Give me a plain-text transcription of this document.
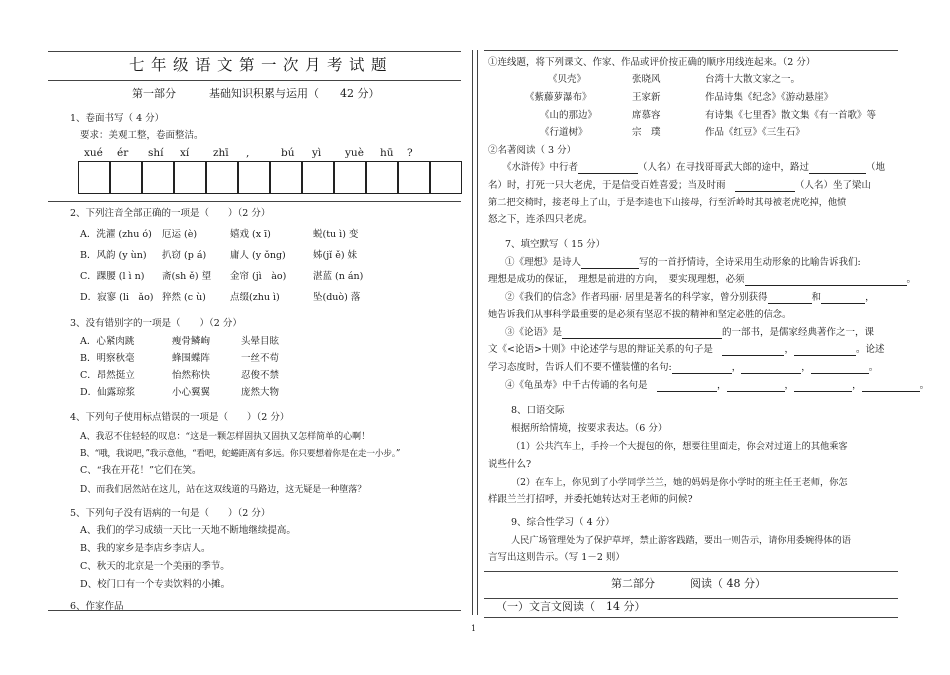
七年级语文第一次月考试题
第一部分	基础知识积累与运用（ 42 分）
1、卷面书写（ 4 分）
要求：美观工整，卷面整洁。
xué ér shí xí zhī ,	bú yì yuè hū ?
2、下列注音全部正确的一项是（　　）（2 分）
A．洗濯 (zhu ó) 厄运 (è)	嬉戏 (x ī)	蜕(tu ì) 变
B．风韵 (y ùn) 扒窃 (p á)	庸人 (y ǒng)	姊(jǐ ě) 妹
C．踝腰 (l ì n) 斋(sh ě) 望 金帘 (jì　ào)	湛蓝 (n án)
D．寂寥 (li　ǎo) 猝然 (c ù)	点缀(zhu ì)	坠(duò) 落
3、没有错别字的一项是（　　）（2 分）
A．心紧肉跳	瘦骨鳞峋	头晕目眩
B．明察秋毫	蜂围蝶阵	一丝不苟
C．昂然挺立	怡然称快	忍俊不禁
D．仙露琼浆	小心翼翼	庞然大物
4、下列句子使用标点错误的一项是（　　）（2 分）
A、我忍不住轻轻的叹息：“这是一颗怎样固执又固执又怎样简单的心啊！
B、“哦，我说吧，”我示意他，“看吧，蛇蜷距离有多远。你只要想着你是在走一小步。”
C、“我在开花！”它们在笑。
D、而我们居然站在这儿，站在这双线道的马路边，这无疑是一种堕落？
5、下列句子没有语病的一句是（　　）（2 分）
A、我们的学习成绩一天比一天地不断地继续提高。
B、我的家乡是李店乡李店人。
C、秋天的北京是一个美丽的季节。
D、校门口有一个专卖饮料的小摊。
6、作家作品
①连线题，将下列课文、作家、作品或评价按正确的顺序用线连起来。（2 分）
《贝壳》	张晓风	台湾十大散文家之一。
《紫藤萝瀑布》	王家新	作品诗集《纪念》《游动悬崖》
《山的那边》	席慕容	有诗集《七里香》散文集《有一首歌》等
《行道树》	宗　璞	作品《红豆》《三生石》
②名著阅读（ 3 分）
《水浒传》中行者	（人名）在寻找哥哥武大郎的途中，路过	（地
名）时，打死一只大老虎，于是信受百姓喜爱；当及时雨　	（人名）坐了梁山
第二把交椅时，接老母上了山，于是李逵也下山接母，行至沂岭时其母被老虎吃掉，他愤
怒之下，连杀四只老虎。
7、填空默写（ 15 分）
①《理想》是诗人	写的一首抒情诗，全诗采用生动形象的比喻告诉我们:
理想是成功的保证，　理想是前进的方向，　要实现理想，必须	。
②《我们的信念》作者玛丽· 居里是著名的科学家，曾分别获得	和	，
她告诉我们从事科学最重要的是必须有坚忍不拔的精神和坚定必胜的信念。
③《论语》是	的一部书，是儒家经典著作之一，课
文《<论语>十则》中论述学与思的辩证关系的句子是　	，	。论述
学习态度时，告诉人们不要不懂装懂的名句:	，	，	。
④《龟虽寿》中千古传诵的名句是　	，	，	，	。
8、口语交际
根据所给情境，按要求表达。（6 分）
（1）公共汽车上，手拎一个大提包的你，想要往里面走，你会对过道上的其他乘客
说些什么?
（2）在车上，你见到了小学同学兰兰，她的妈妈是你小学时的班主任王老师，你怎
样跟兰兰打招呼，并委托她转达对王老师的问候?
9、综合性学习（ 4 分）
人民广场管理处为了保护草坪，禁止游客践踏，要出一则告示，请你用委婉得体的语
言写出这则告示。（写 1－2 则）
第二部分	阅读（ 48 分）
（一）文言文阅读（　14 分）
1
